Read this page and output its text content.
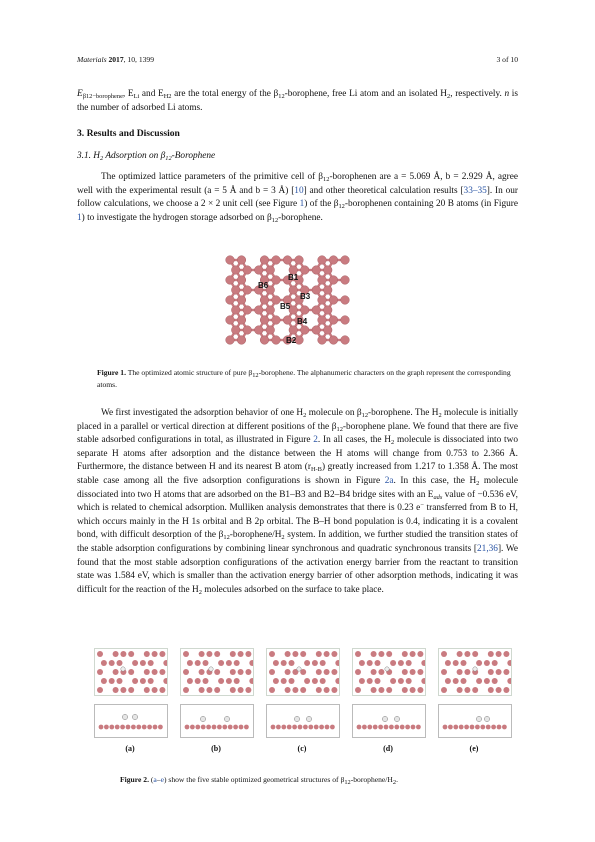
Materials 2017, 10, 1399	3 of 10

$E_{\beta 12-borophene}$, $E_{Li}$ and $E_{H2}$ are the total energy of the $\beta_{12}$-borophene, free Li atom and an isolated $H_2$, respectively. n is the number of adsorbed Li atoms.

3. Results and Discussion

3.1. $H_2$ Adsorption on $\beta_{12}$-Borophene

The optimized lattice parameters of the primitive cell of $\beta_{12}$-borophenen are a = 5.069 Å, b = 2.929 Å, agree well with the experimental result (a = 5 Å and b = 3 Å) [10] and other theoretical calculation results [33–35]. In our follow calculations, we choose a 2 × 2 unit cell (see Figure 1) of the $\beta_{12}$-borophenen containing 20 B atoms (in Figure 1) to investigate the hydrogen storage adsorbed on $\beta_{12}$-borophene.

B1
B6
B3
B5
B4
B2

Figure 1. The optimized atomic structure of pure $\beta_{12}$-borophene. The alphanumeric characters on the graph represent the corresponding atoms.

We first investigated the adsorption behavior of one $H_2$ molecule on $\beta_{12}$-borophene. The $H_2$ molecule is initially placed in a parallel or vertical direction at different positions of the $\beta_{12}$-borophene plane. We found that there are five stable adsorbed configurations in total, as illustrated in Figure 2. In all cases, the $H_2$ molecule is dissociated into two separate H atoms after adsorption and the distance between the H atoms will change from 0.753 to 2.366 Å. Furthermore, the distance between H and its nearest B atom $(r_{H-B})$ greatly increased from 1.217 to 1.358 Å. The most stable case among all the five adsorption configurations is shown in Figure 2a. In this case, the $H_2$ molecule dissociated into two H atoms that are adsorbed on the B1–B3 and B2–B4 bridge sites with an $E_{ads}$ value of −0.536 eV, which is related to chemical adsorption. Mulliken analysis demonstrates that there is 0.23 e− transferred from B to H, which occurs mainly in the H 1s orbital and B 2p orbital. The B–H bond population is 0.4, indicating it is a covalent bond, with difficult desorption of the $\beta_{12}-borophene/H_2$ system. In addition, we further studied the transition states of the stable adsorption configurations by combining linear synchronous and quadratic synchronous transits [21,36]. We found that the most stable adsorption configurations of the activation energy barrier from the reactant to transition state was 1.584 eV, which is smaller than the activation energy barrier of other adsorption methods, indicating it was difficult for the reaction of the $H_2$ molecules adsorbed on the surface to take place.

(a)	(b)	(c)	(d)	(e)

Figure 2. (a–e) show the five stable optimized geometrical structures of $\beta_{12}-borophene/H_2$.
